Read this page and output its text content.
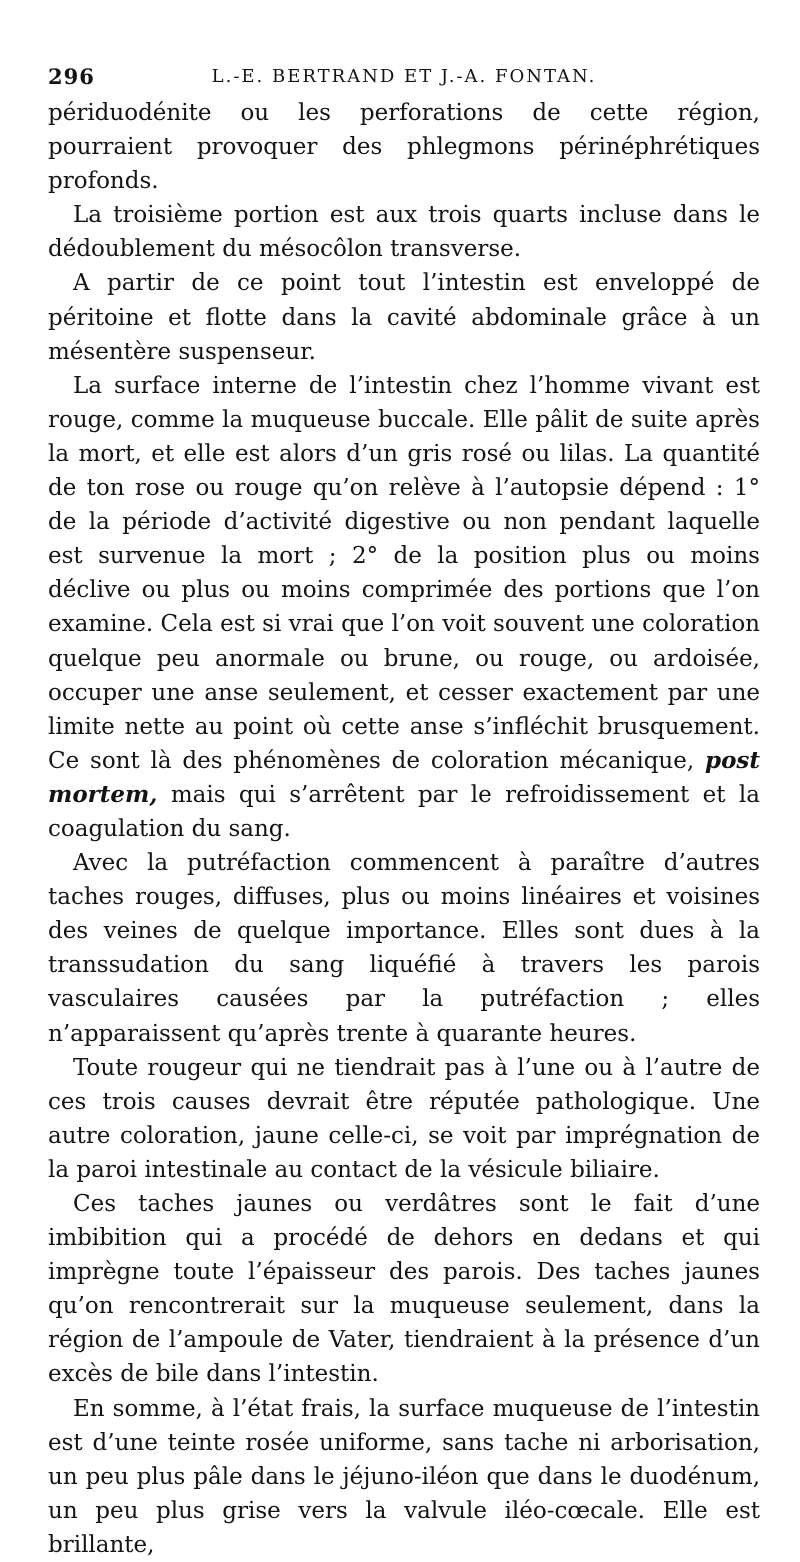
296	L.-E. BERTRAND ET J.-A. FONTAN.

périduodénite ou les perforations de cette région, pourraient provoquer des phlegmons périnéphrétiques profonds.

La troisième portion est aux trois quarts incluse dans le dédoublement du mésocôlon transverse.

A partir de ce point tout l’intestin est enveloppé de péritoine et flotte dans la cavité abdominale grâce à un mésentère suspenseur.

La surface interne de l’intestin chez l’homme vivant est rouge, comme la muqueuse buccale. Elle pâlit de suite après la mort, et elle est alors d’un gris rosé ou lilas. La quantité de ton rose ou rouge qu’on relève à l’autopsie dépend : 1° de la période d’activité digestive ou non pendant laquelle est survenue la mort ; 2° de la position plus ou moins déclive ou plus ou moins comprimée des portions que l’on examine. Cela est si vrai que l’on voit souvent une coloration quelque peu anormale ou brune, ou rouge, ou ardoisée, occuper une anse seulement, et cesser exactement par une limite nette au point où cette anse s’infléchit brusquement. Ce sont là des phénomènes de coloration mécanique, post mortem, mais qui s’arrêtent par le refroidissement et la coagulation du sang.

Avec la putréfaction commencent à paraître d’autres taches rouges, diffuses, plus ou moins linéaires et voisines des veines de quelque importance. Elles sont dues à la transsudation du sang liquéfié à travers les parois vasculaires causées par la putréfaction ; elles n’apparaissent qu’après trente à quarante heures.

Toute rougeur qui ne tiendrait pas à l’une ou à l’autre de ces trois causes devrait être réputée pathologique. Une autre coloration, jaune celle-ci, se voit par imprégnation de la paroi intestinale au contact de la vésicule biliaire.

Ces taches jaunes ou verdâtres sont le fait d’une imbibition qui a procédé de dehors en dedans et qui imprègne toute l’épaisseur des parois. Des taches jaunes qu’on rencontrerait sur la muqueuse seulement, dans la région de l’ampoule de Vater, tiendraient à la présence d’un excès de bile dans l’intestin.

En somme, à l’état frais, la surface muqueuse de l’intestin est d’une teinte rosée uniforme, sans tache ni arborisation, un peu plus pâle dans le jéjuno-iléon que dans le duodénum, un peu plus grise vers la valvule iléo-cœcale. Elle est brillante,
